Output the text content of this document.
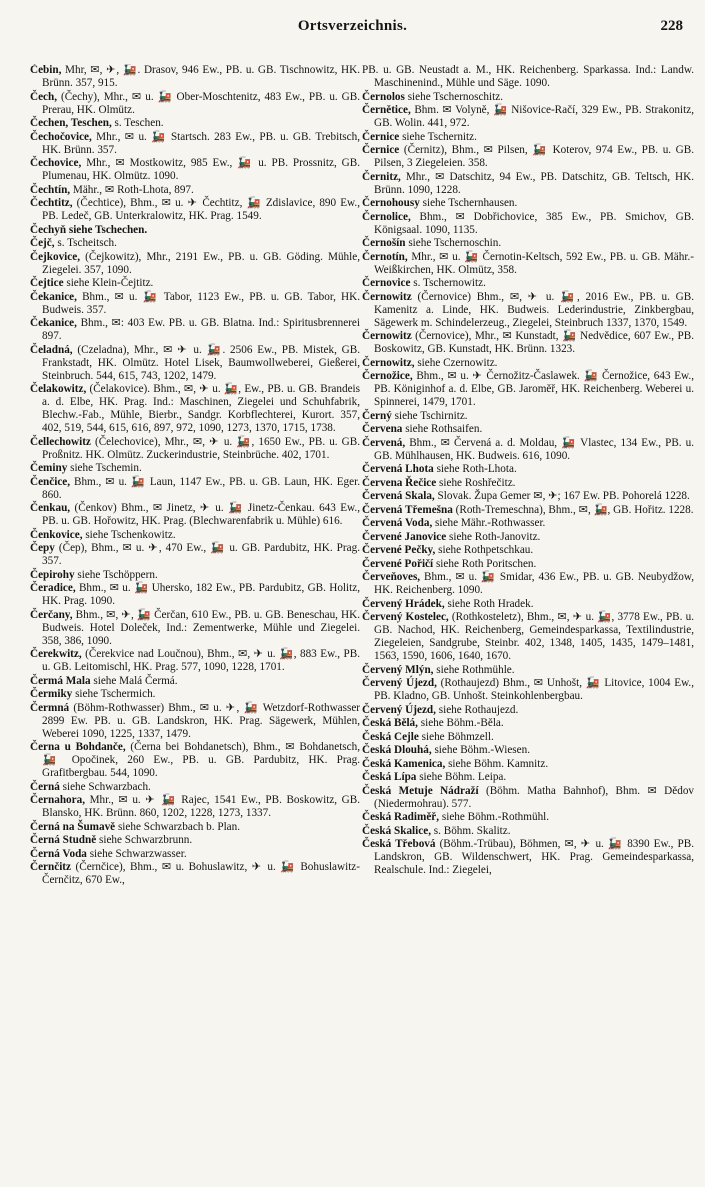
Ortsverzeichnis.	228

Čebin, Mhr, ✉, ✈, 🚂. Drasov, 946 Ew., PB. u. GB. Tischnowitz, HK. Brünn. 357, 915.

Čech, (Čechy), Mhr., ✉ u. 🚂 Ober-Moschtenitz, 483 Ew., PB. u. GB. Prerau, HK. Olmütz.

Čechen, Teschen, s. Teschen.

Čechočovice, Mhr., ✉ u. 🚂 Startsch. 283 Ew., PB. u. GB. Trebitsch, HK. Brünn. 357.

Čechovice, Mhr., ✉ Mostkowitz, 985 Ew., 🚂 u. PB. Prossnitz, GB. Plumenau, HK. Olmütz. 1090.

Čechtín, Mähr., ✉ Roth-Lhota, 897.

Čechtitz, (Čechtice), Bhm., ✉ u. ✈ Čechtitz, 🚂 Zdislavice, 890 Ew., PB. Ledeč, GB. Unterkralowitz, HK. Prag. 1549.

Čechyň siehe Tschechen.

Čejč, s. Tscheitsch.

Čejkovice, (Čejkowitz), Mhr., 2191 Ew., PB. u. GB. Göding. Mühle, Ziegelei. 357, 1090.

Čejtice siehe Klein-Čejtitz.

Čekanice, Bhm., ✉ u. 🚂 Tabor, 1123 Ew., PB. u. GB. Tabor, HK. Budweis. 357.

Čekanice, Bhm., ✉: 403 Ew. PB. u. GB. Blatna. Ind.: Spiritusbrennerei 897.

Čeladná, (Czeladna), Mhr., ✉ ✈ u. 🚂. 2506 Ew., PB. Mistek, GB. Frankstadt, HK. Olmütz. Hotel Lisek, Baumwollweberei, Gießerei, Steinbruch. 544, 615, 743, 1202, 1479.

Čelakowitz, (Čelakovice). Bhm., ✉, ✈ u. 🚂, Ew., PB. u. GB. Brandeis a. d. Elbe, HK. Prag. Ind.: Maschinen, Ziegelei und Schuhfabrik, Blechw.-Fab., Mühle, Bierbr., Sandgr. Korbflechterei, Kurort. 357, 402, 519, 544, 615, 616, 897, 972, 1090, 1273, 1370, 1715, 1738.

Čellechowitz (Čelechovice), Mhr., ✉, ✈ u. 🚂, 1650 Ew., PB. u. GB. Proßnitz. HK. Olmütz. Zuckerindustrie, Steinbrüche. 402, 1701.

Čeminy siehe Tschemin.

Čenčice, Bhm., ✉ u. 🚂 Laun, 1147 Ew., PB. u. GB. Laun, HK. Eger. 860.

Čenkau, (Čenkov) Bhm., ✉ Jinetz, ✈ u. 🚂 Jinetz-Čenkau. 643 Ew., PB. u. GB. Hořowitz, HK. Prag. (Blechwarenfabrik u. Mühle) 616.

Čenkovice, siehe Tschenkowitz.

Čepy (Čep), Bhm., ✉ u. ✈, 470 Ew., 🚂 u. GB. Pardubitz, HK. Prag. 357.

Čepirohy siehe Tschöppern.

Čeradice, Bhm., ✉ u. 🚂 Uhersko, 182 Ew., PB. Pardubitz, GB. Holitz, HK. Prag. 1090.

Čerčany, Bhm., ✉, ✈, 🚂 Čerčan, 610 Ew., PB. u. GB. Beneschau, HK. Budweis. Hotel Doleček, Ind.: Zementwerke, Mühle und Ziegelei. 358, 386, 1090.

Čerekwitz, (Čerekvice nad Loučnou), Bhm., ✉, ✈ u. 🚂, 883 Ew., PB. u. GB. Leitomischl, HK. Prag. 577, 1090, 1228, 1701.

Čermá Mala siehe Malá Čermá.

Čermiky siehe Tschermich.

Čermná (Böhm-Rothwasser) Bhm., ✉ u. ✈, 🚂 Wetzdorf-Rothwasser 2899 Ew. PB. u. GB. Landskron, HK. Prag. Sägewerk, Mühlen, Weberei 1090, 1225, 1337, 1479.

Černa u Bohdanče, (Černa bei Bohdanetsch), Bhm., ✉ Bohdanetsch, 🚂 Opočinek, 260 Ew., PB. u. GB. Pardubitz, HK. Prag. Grafitbergbau. 544, 1090.

Černá siehe Schwarzbach.

Černahora, Mhr., ✉ u. ✈ 🚂 Rajec, 1541 Ew., PB. Boskowitz, GB. Blansko, HK. Brünn. 860, 1202, 1228, 1273, 1337.

Černá na Šumavě siehe Schwarzbach b. Plan.

Černá Studně siehe Schwarzbrunn.

Černá Voda siehe Schwarzwasser.

Černčitz (Černčice), Bhm., ✉ u. Bohuslawitz, ✈ u. 🚂 Bohuslawitz-Černčitz, 670 Ew.,

PB. u. GB. Neustadt a. M., HK. Reichenberg. Sparkassa. Ind.: Landw. Maschinenind., Mühle und Säge. 1090.

Černolos siehe Tschernoschitz.

Černětice, Bhm. ✉ Volyně, 🚂 Nišovice-Račí, 329 Ew., PB. Strakonitz, GB. Wolin. 441, 972.

Černice siehe Tschernitz.

Černice (Černitz), Bhm., ✉ Pilsen, 🚂 Koterov, 974 Ew., PB. u. GB. Pilsen, 3 Ziegeleien. 358.

Černitz, Mhr., ✉ Datschitz, 94 Ew., PB. Datschitz, GB. Teltsch, HK. Brünn. 1090, 1228.

Černohousy siehe Tschernhausen.

Černolice, Bhm., ✉ Dobřichovice, 385 Ew., PB. Smichov, GB. Königsaal. 1090, 1135.

Černošín siehe Tschernoschin.

Černotín, Mhr., ✉ u. 🚂 Černotin-Keltsch, 592 Ew., PB. u. GB. Mähr.-Weißkirchen, HK. Olmütz, 358.

Černovice s. Tschernowitz.

Černowitz (Černovice) Bhm., ✉, ✈ u. 🚂, 2016 Ew., PB. u. GB. Kamenitz a. Linde, HK. Budweis. Lederindustrie, Zinkbergbau, Sägewerk m. Schindelerzeug., Ziegelei, Steinbruch 1337, 1370, 1549.

Černowitz (Černovice), Mhr., ✉ Kunstadt, 🚂 Nedvědice, 607 Ew., PB. Boskowitz, GB. Kunstadt, HK. Brünn. 1323.

Černowitz, siehe Czernowitz.

Černožice, Bhm., ✉ u. ✈ Černožitz-Časlawek. 🚂 Černožice, 643 Ew., PB. Königinhof a. d. Elbe, GB. Jaroměř, HK. Reichenberg. Weberei u. Spinnerei, 1479, 1701.

Černý siehe Tschirnitz.

Červena siehe Rothsaifen.

Červená, Bhm., ✉ Červená a. d. Moldau, 🚂 Vlastec, 134 Ew., PB. u. GB. Mühlhausen, HK. Budweis. 616, 1090.

Červená Lhota siehe Roth-Lhota.

Červena Řečice siehe Roshřečitz.

Červená Skala, Slovak. Župa Gemer ✉, ✈; 167 Ew. PB. Pohorelá 1228.

Červená Třemešna (Roth-Tremeschna), Bhm., ✉, 🚂, GB. Hořitz. 1228.

Červená Voda, siehe Mähr.-Rothwasser.

Červené Janovice siehe Roth-Janovitz.

Červené Pečky, siehe Rothpetschkau.

Červené Pořičí siehe Roth Poritschen.

Červeňoves, Bhm., ✉ u. 🚂 Smidar, 436 Ew., PB. u. GB. Neubydžow, HK. Reichenberg. 1090.

Červený Hrádek, siehe Roth Hradek.

Červený Kostelec, (Rothkosteletz), Bhm., ✉, ✈ u. 🚂, 3778 Ew., PB. u. GB. Nachod, HK. Reichenberg, Gemeindesparkassa, Textilindustrie, Ziegeleien, Sandgrube, Steinbr. 402, 1348, 1405, 1435, 1479–1481, 1563, 1590, 1606, 1640, 1670.

Červený Mlýn, siehe Rothmühle.

Červený Újezd, (Rothaujezd) Bhm., ✉ Unhošt, 🚂 Litovice, 1004 Ew., PB. Kladno, GB. Unhošt. Steinkohlenbergbau.

Červený Újezd, siehe Rothaujezd.

Česká Bělá, siehe Böhm.-Běla.

Česká Cejle siehe Böhmzell.

Česká Dlouhá, siehe Böhm.-Wiesen.

Česká Kamenica, siehe Böhm. Kamnitz.

Česká Lípa siehe Böhm. Leipa.

Česká Metuje Nádraží (Böhm. Matha Bahnhof), Bhm. ✉ Dědov (Niedermohrau). 577.

Česká Radiměř, siehe Böhm.-Rothmühl.

Česká Skalice, s. Böhm. Skalitz.

Česká Třebová (Böhm.-Trübau), Böhmen, ✉, ✈ u. 🚂 8390 Ew., PB. Landskron, GB. Wildenschwert, HK. Prag. Gemeindesparkassa, Realschule. Ind.: Ziegelei,
